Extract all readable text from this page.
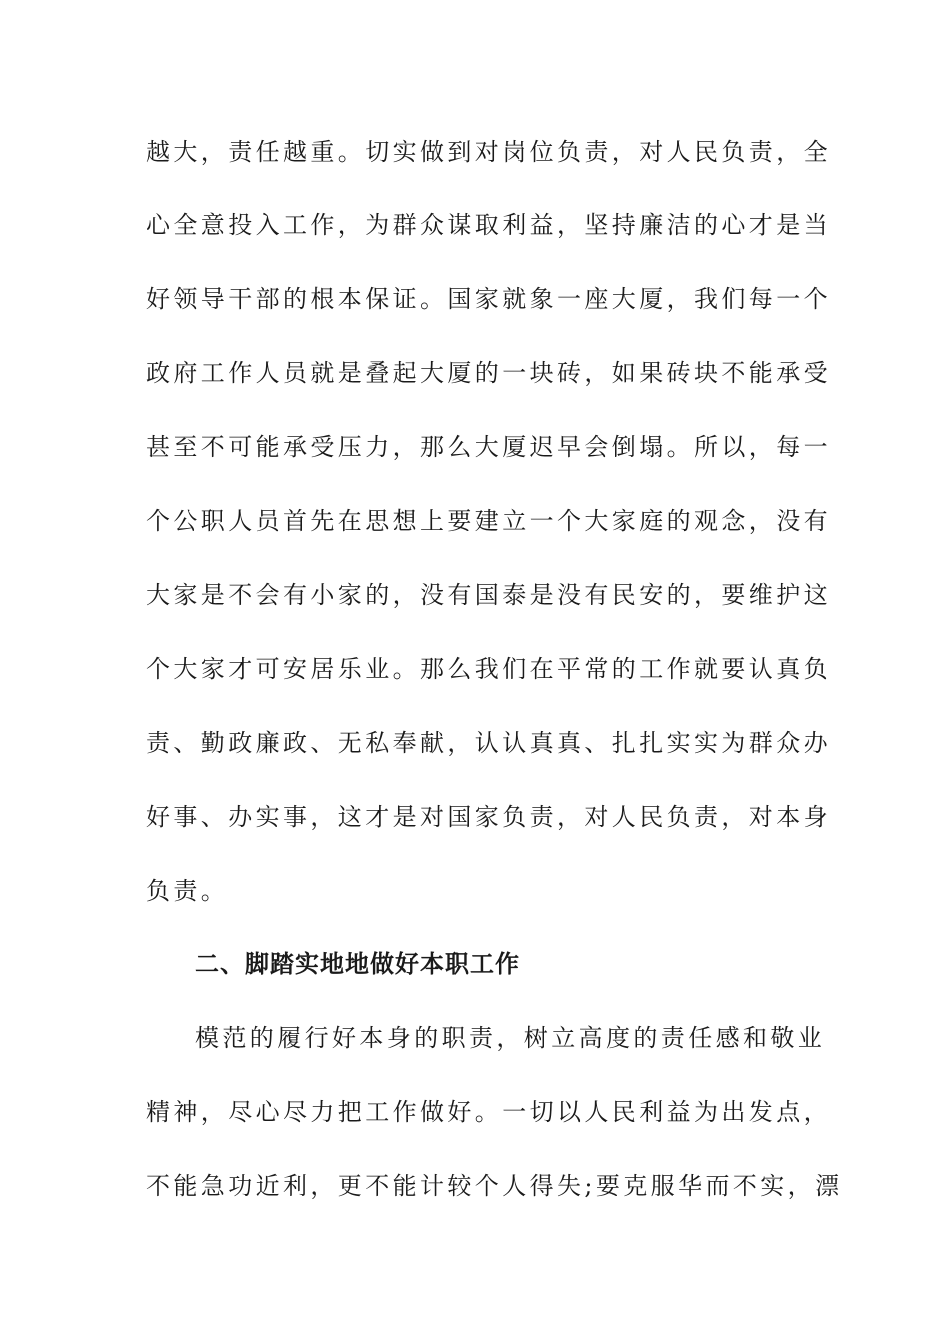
越大，责任越重。切实做到对岗位负责，对人民负责，全
心全意投入工作，为群众谋取利益，坚持廉洁的心才是当
好领导干部的根本保证。国家就象一座大厦，我们每一个
政府工作人员就是叠起大厦的一块砖，如果砖块不能承受
甚至不可能承受压力，那么大厦迟早会倒塌。所以，每一
个公职人员首先在思想上要建立一个大家庭的观念，没有
大家是不会有小家的，没有国泰是没有民安的，要维护这
个大家才可安居乐业。那么我们在平常的工作就要认真负
责、勤政廉政、无私奉献，认认真真、扎扎实实为群众办
好事、办实事，这才是对国家负责，对人民负责，对本身
负责。
二、脚踏实地地做好本职工作
模范的履行好本身的职责，树立高度的责任感和敬业
精神，尽心尽力把工作做好。一切以人民利益为出发点，
不能急功近利，更不能计较个人得失;要克服华而不实，漂
